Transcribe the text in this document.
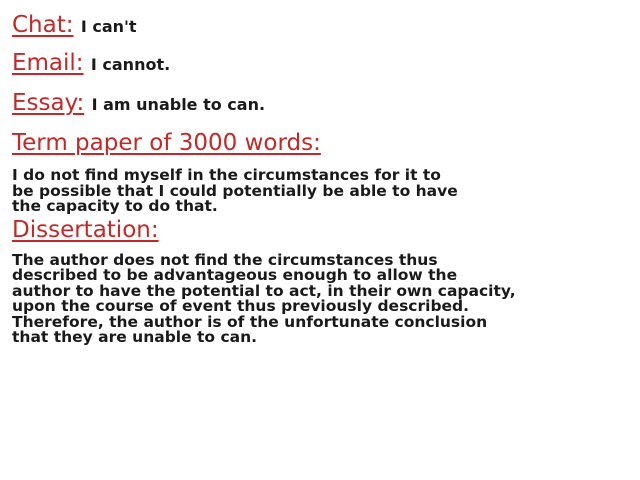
Chat: I can't
Email: I cannot.
Essay: I am unable to can.
Term paper of 3000 words:
I do not find myself in the circumstances for it to
be possible that I could potentially be able to have
the capacity to do that.
Dissertation:
The author does not find the circumstances thus
described to be advantageous enough to allow the
author to have the potential to act, in their own capacity,
upon the course of event thus previously described.
Therefore, the author is of the unfortunate conclusion
that they are unable to can.
